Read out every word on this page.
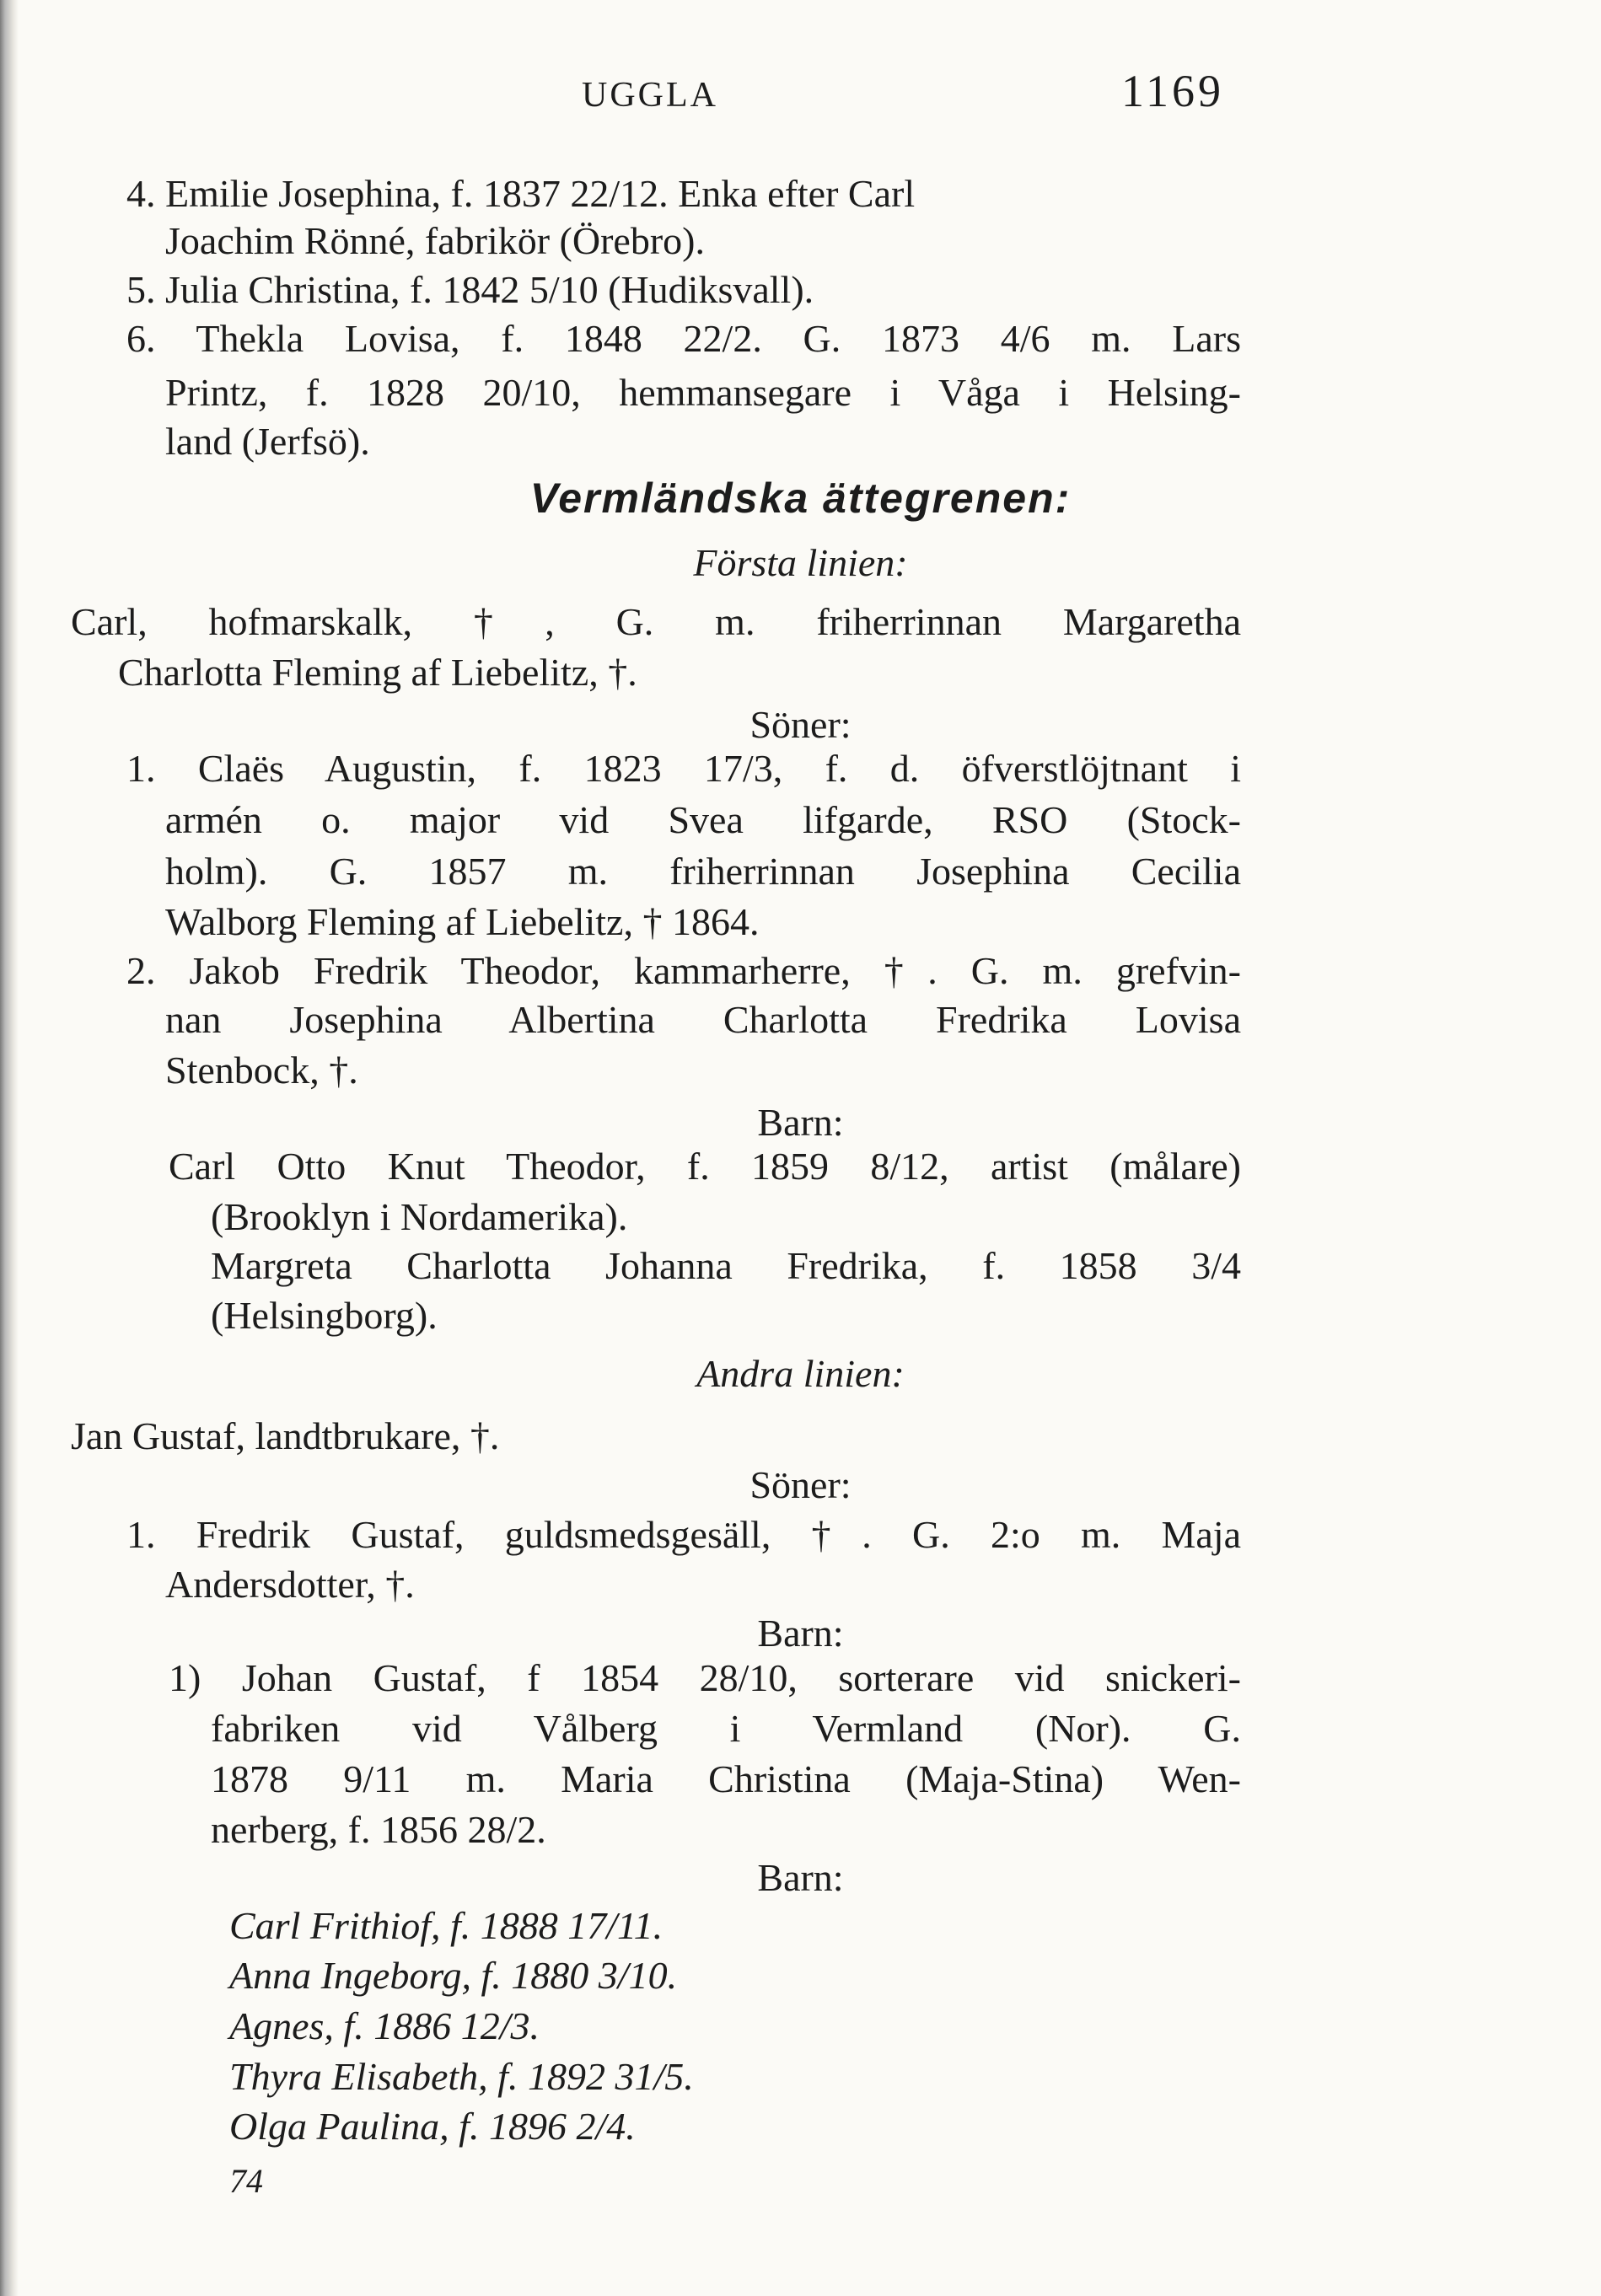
UGGLA	1169
4. Emilie Josephina, f. 1837 22/12. Enka efter Carl
Joachim Rönné, fabrikör (Örebro).
5. Julia Christina, f. 1842 5/10 (Hudiksvall).
6. Thekla Lovisa, f. 1848 22/2. G. 1873 4/6 m. Lars
Printz, f. 1828 20/10, hemmansegare i Våga i Helsing-
land (Jerfsö).
Vermländska ättegrenen:
Första linien:
Carl, hofmarskalk, †, G. m. friherrinnan Margaretha
Charlotta Fleming af Liebelitz, †.
Söner:
1. Claës Augustin, f. 1823 17/3, f. d. öfverstlöjtnant i
armén o. major vid Svea lifgarde, RSO (Stock-
holm). G. 1857 m. friherrinnan Josephina Cecilia
Walborg Fleming af Liebelitz, † 1864.
2. Jakob Fredrik Theodor, kammarherre, †. G. m. grefvin-
nan Josephina Albertina Charlotta Fredrika Lovisa
Stenbock, †.
Barn:
Carl Otto Knut Theodor, f. 1859 8/12, artist (målare)
(Brooklyn i Nordamerika).
Margreta Charlotta Johanna Fredrika, f. 1858 3/4
(Helsingborg).
Andra linien:
Jan Gustaf, landtbrukare, †.
Söner:
1. Fredrik Gustaf, guldsmedsgesäll, †. G. 2:o m. Maja
Andersdotter, †.
Barn:
1) Johan Gustaf, f 1854 28/10, sorterare vid snickeri-
fabriken vid Vålberg i Vermland (Nor). G.
1878 9/11 m. Maria Christina (Maja-Stina) Wen-
nerberg, f. 1856 28/2.
Barn:
Carl Frithiof, f. 1888 17/11.
Anna Ingeborg, f. 1880 3/10.
Agnes, f. 1886 12/3.
Thyra Elisabeth, f. 1892 31/5.
Olga Paulina, f. 1896 2/4.
74
